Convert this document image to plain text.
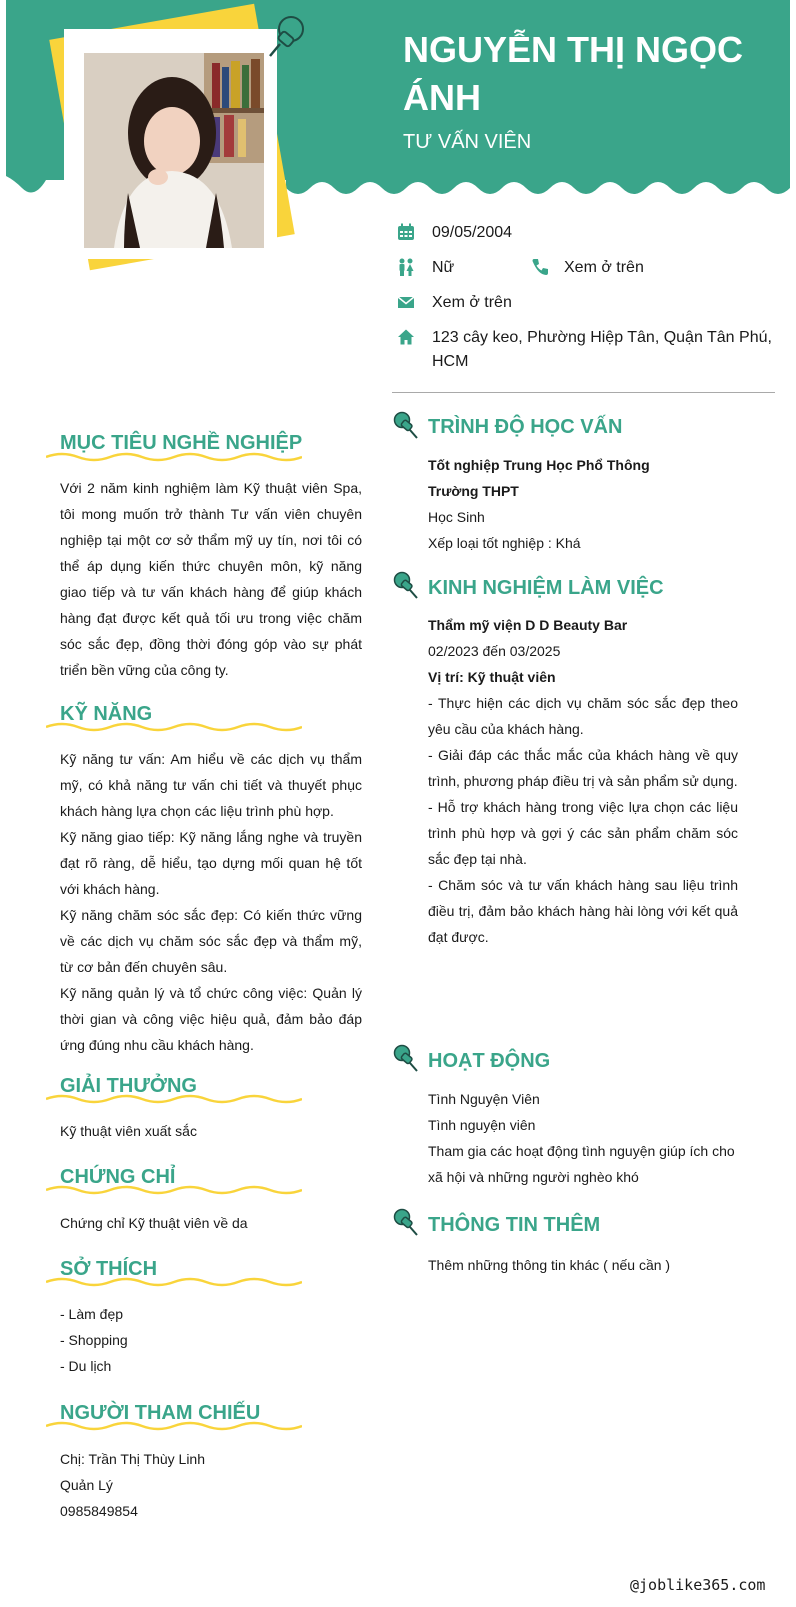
NGUYỄN THỊ NGỌC ÁNH
TƯ VẤN VIÊN
09/05/2004
Nữ	Xem ở trên
Xem ở trên
123 cây keo, Phường Hiệp Tân, Quận Tân Phú, HCM
MỤC TIÊU NGHỀ NGHIỆP
Với 2 năm kinh nghiệm làm Kỹ thuật viên Spa, tôi mong muốn trở thành Tư vấn viên chuyên nghiệp tại một cơ sở thẩm mỹ uy tín, nơi tôi có thể áp dụng kiến thức chuyên môn, kỹ năng giao tiếp và tư vấn khách hàng để giúp khách hàng đạt được kết quả tối ưu trong việc chăm sóc sắc đẹp, đồng thời đóng góp vào sự phát triển bền vững của công ty.
KỸ NĂNG
Kỹ năng tư vấn: Am hiểu về các dịch vụ thẩm mỹ, có khả năng tư vấn chi tiết và thuyết phục khách hàng lựa chọn các liệu trình phù hợp.
Kỹ năng giao tiếp: Kỹ năng lắng nghe và truyền đạt rõ ràng, dễ hiểu, tạo dựng mối quan hệ tốt với khách hàng.
Kỹ năng chăm sóc sắc đẹp: Có kiến thức vững về các dịch vụ chăm sóc sắc đẹp và thẩm mỹ, từ cơ bản đến chuyên sâu.
Kỹ năng quản lý và tổ chức công việc: Quản lý thời gian và công việc hiệu quả, đảm bảo đáp ứng đúng nhu cầu khách hàng.
GIẢI THƯỞNG
Kỹ thuật viên xuất sắc
CHỨNG CHỈ
Chứng chỉ Kỹ thuật viên về da
SỞ THÍCH
- Làm đẹp
- Shopping
- Du lịch
NGƯỜI THAM CHIẾU
Chị: Trần Thị Thùy Linh
Quản Lý
0985849854
TRÌNH ĐỘ HỌC VẤN
Tốt nghiệp Trung Học Phổ Thông
Trường THPT
Học Sinh
Xếp loại tốt nghiệp : Khá
KINH NGHIỆM LÀM VIỆC
Thẩm mỹ viện D D Beauty Bar
02/2023 đến 03/2025
Vị trí: Kỹ thuật viên
- Thực hiện các dịch vụ chăm sóc sắc đẹp theo yêu cầu của khách hàng.
- Giải đáp các thắc mắc của khách hàng về quy trình, phương pháp điều trị và sản phẩm sử dụng.
- Hỗ trợ khách hàng trong việc lựa chọn các liệu trình phù hợp và gợi ý các sản phẩm chăm sóc sắc đẹp tại nhà.
- Chăm sóc và tư vấn khách hàng sau liệu trình điều trị, đảm bảo khách hàng hài lòng với kết quả đạt được.
HOẠT ĐỘNG
Tình Nguyện Viên
Tình nguyện viên
Tham gia các hoạt động tình nguyện giúp ích cho xã hội và những người nghèo khó
THÔNG TIN THÊM
Thêm những thông tin khác ( nếu cần )
@joblike365.com
